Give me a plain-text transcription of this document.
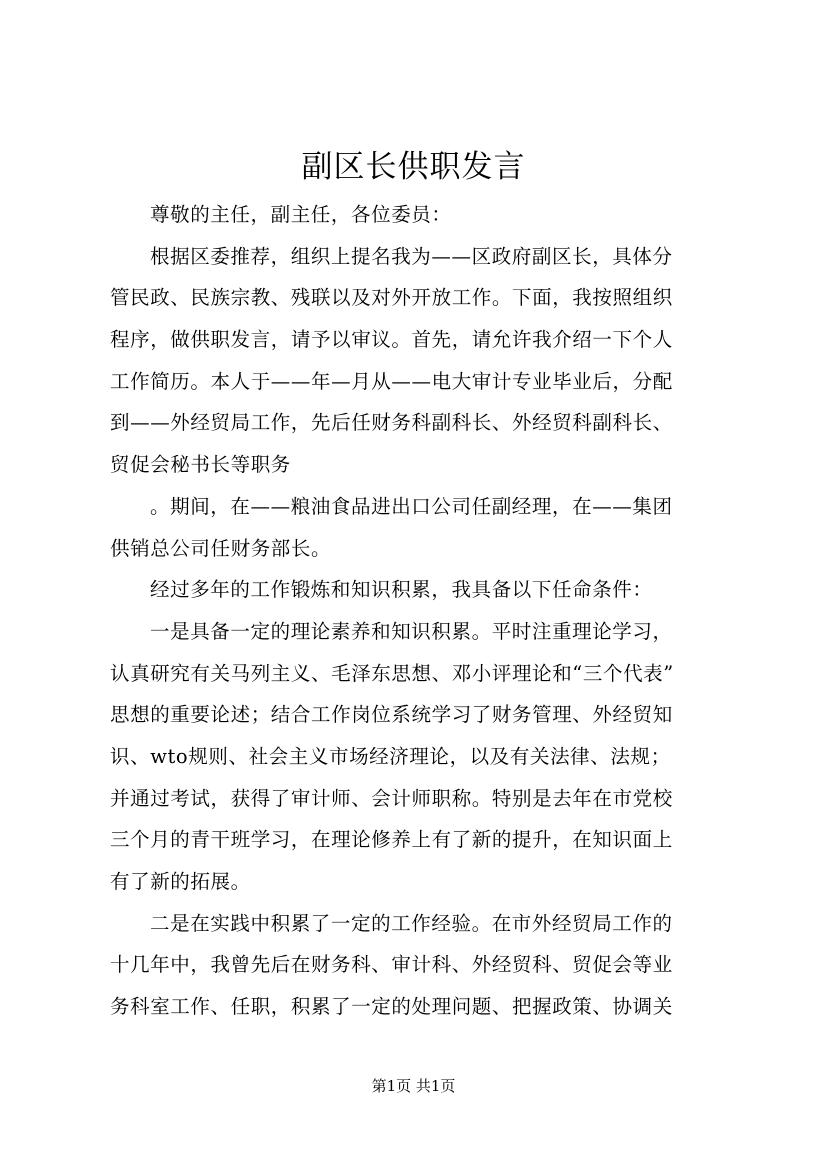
副区长供职发言
尊敬的主任，副主任，各位委员：
根据区委推荐，组织上提名我为——区政府副区长，具体分
管民政、民族宗教、残联以及对外开放工作。下面，我按照组织
程序，做供职发言，请予以审议。首先，请允许我介绍一下个人
工作简历。本人于——年—月从——电大审计专业毕业后，分配
到——外经贸局工作，先后任财务科副科长、外经贸科副科长、
贸促会秘书长等职务
。期间，在——粮油食品进出口公司任副经理，在——集团
供销总公司任财务部长。
经过多年的工作锻炼和知识积累，我具备以下任命条件：
一是具备一定的理论素养和知识积累。平时注重理论学习，
认真研究有关马列主义、毛泽东思想、邓小评理论和“三个代表”
思想的重要论述；结合工作岗位系统学习了财务管理、外经贸知
识、wto规则、社会主义市场经济理论，以及有关法律、法规；
并通过考试，获得了审计师、会计师职称。特别是去年在市党校
三个月的青干班学习，在理论修养上有了新的提升，在知识面上
有了新的拓展。
二是在实践中积累了一定的工作经验。在市外经贸局工作的
十几年中，我曾先后在财务科、审计科、外经贸科、贸促会等业
务科室工作、任职，积累了一定的处理问题、把握政策、协调关
第1页 共1页
